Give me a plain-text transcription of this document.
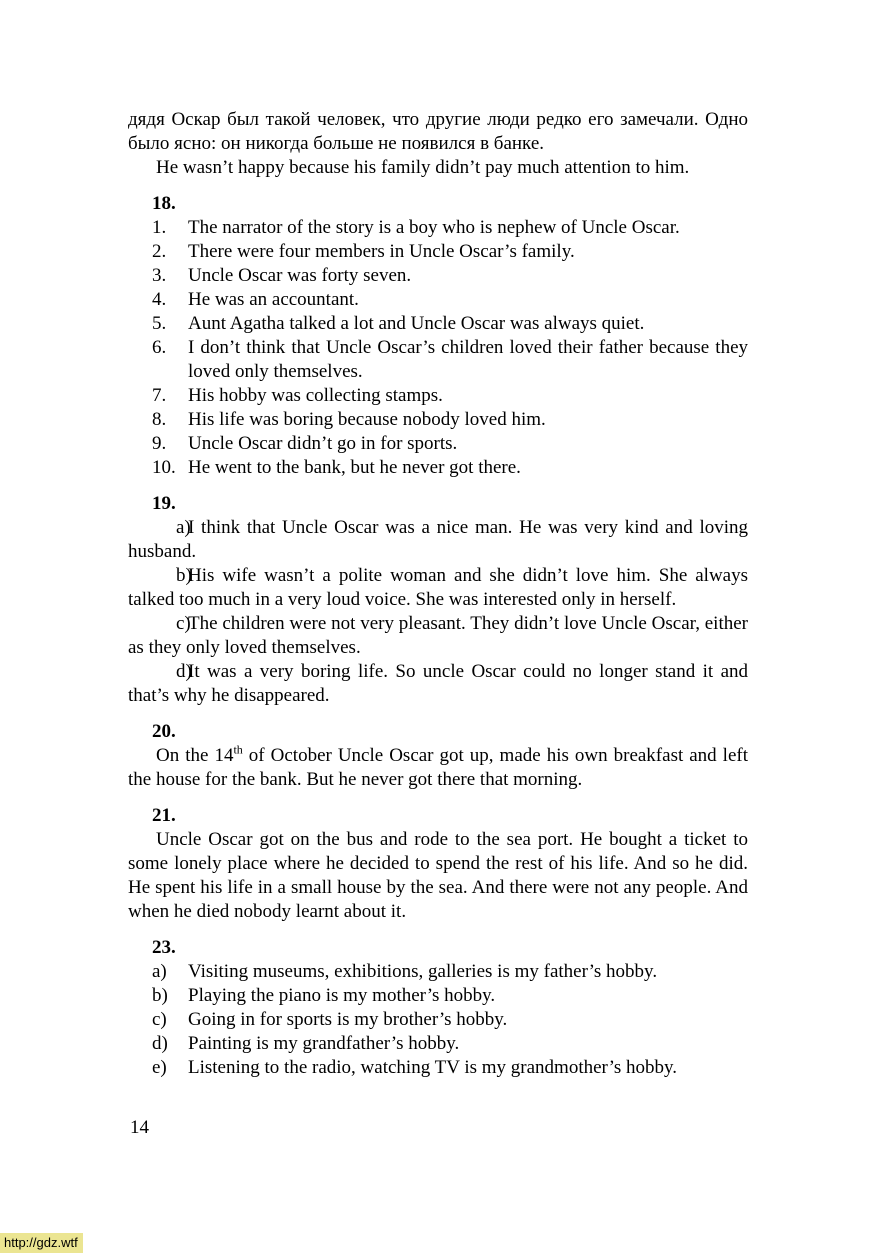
дядя Оскар был такой человек, что другие люди редко его замечали. Одно было ясно: он никогда больше не появился в банке.

He wasn’t happy because his family didn’t pay much attention to him.

18.
1. The narrator of the story is a boy who is nephew of Uncle Oscar.
2. There were four members in Uncle Oscar’s family.
3. Uncle Oscar was forty seven.
4. He was an accountant.
5. Aunt Agatha talked a lot and Uncle Oscar was always quiet.
6. I don’t think that Uncle Oscar’s children loved their father because they loved only themselves.
7. His hobby was collecting stamps.
8. His life was boring because nobody loved him.
9. Uncle Oscar didn’t go in for sports.
10. He went to the bank, but he never got there.
19.

a)I think that Uncle Oscar was a nice man. He was very kind and loving husband.

b)His wife wasn’t a polite woman and she didn’t love him. She always talked too much in a very loud voice. She was interested only in herself.

c)The children were not very pleasant. They didn’t love Uncle Oscar, either as they only loved themselves.

d)It was a very boring life. So uncle Oscar could no longer stand it and that’s why he disappeared.

20.

On the 14th of October Uncle Oscar got up, made his own breakfast and left the house for the bank. But he never got there that morning.

21.

Uncle Oscar got on the bus and rode to the sea port. He bought a ticket to some lonely place where he decided to spend the rest of his life. And so he did. He spent his life in a small house by the sea. And there were not any people. And when he died nobody learnt about it.

23.
a) Visiting museums, exhibitions, galleries is my father’s hobby.
b) Playing the piano is my mother’s hobby.
c) Going in for sports is my brother’s hobby.
d) Painting is my grandfather’s hobby.
e) Listening to the radio, watching TV is my grandmother’s hobby.
14
http://gdz.wtf
